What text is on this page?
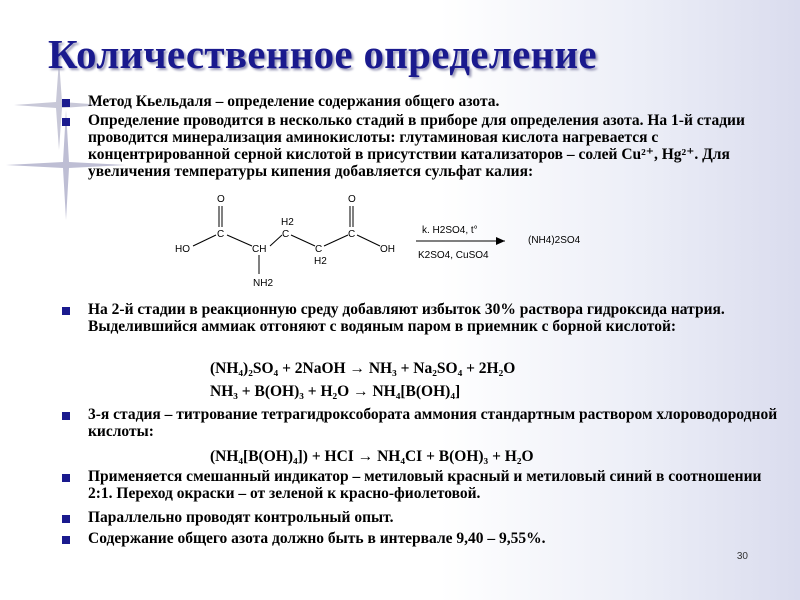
Количественное определение
Метод Кьельдаля – определение содержания общего азота.
Определение проводится в несколько стадий в приборе для определения азота. На 1-й стадии проводится минерализация аминокислоты: глутаминовая кислота нагревается с концентрированной серной кислотой в присутствии катализаторов – солей Cu²⁺, Hg²⁺. Для увеличения температуры кипения добавляется сульфат калия:
O
C
HO	CH
NH2
H2
C
C
H2
C
O
OH
k. H2SO4, t°
K2SO4, CuSO4
(NH4)2SO4
На 2-й стадии в реакционную среду добавляют избыток 30% раствора гидроксида натрия. Выделившийся аммиак отгоняют с водяным паром в приемник с борной кислотой:
(NH₄)₂SO₄ + 2NaOH → NH₃ + Na₂SO₄ + 2H₂O
NH₃ + B(OH)₃ + H₂O → NH₄[B(OH)₄]
3-я стадия – титрование тетрагидроксобората аммония стандартным раствором хлороводородной кислоты:
(NH₄[B(OH)₄]) + HCI → NH₄CI + B(OH)₃ + H₂O
Применяется смешанный индикатор – метиловый красный и метиловый синий в соотношении 2:1. Переход окраски – от зеленой к красно-фиолетовой.
Параллельно проводят контрольный опыт.
Содержание общего азота должно быть в интервале 9,40 – 9,55%.
30
